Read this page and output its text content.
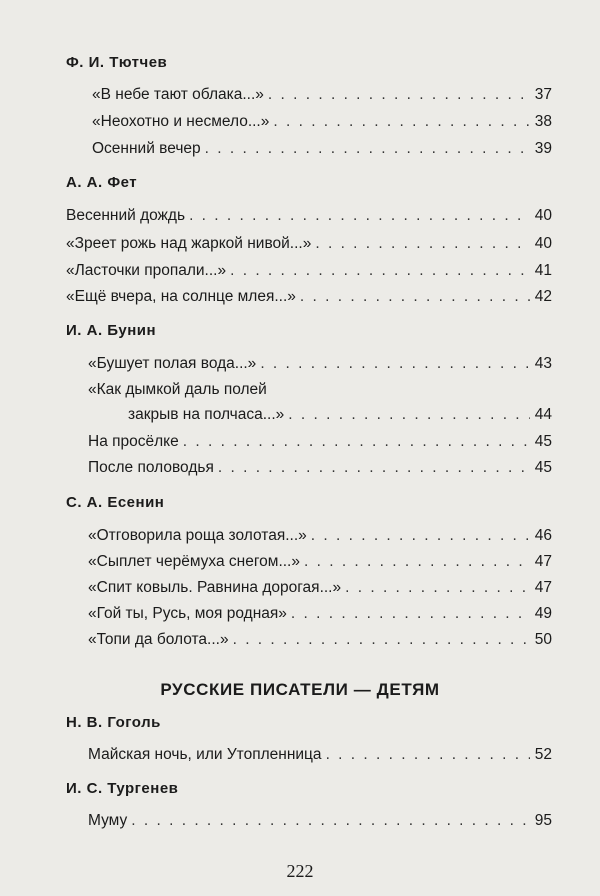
Ф. И. Тютчев
«В небе тают облака...» . . .	37
«Неохотно и несмело...» . . .	38
Осенний вечер . . .	39
А. А. Фет
Весенний дождь . . .	40
«Зреет рожь над жаркой нивой...» . . .	40
«Ласточки пропали...» . . .	41
«Ещё вчера, на солнце млея...» . . .	42
И. А. Бунин
«Бушует полая вода...» . . .	43
«Как дымкой даль полей
закрыв на полчаса...» . . .	44
На просёлке . . .	45
После половодья . . .	45
С. А. Есенин
«Отговорила роща золотая...» . . .	46
«Сыплет черёмуха снегом...» . . .	47
«Спит ковыль. Равнина дорогая...» . . .	47
«Гой ты, Русь, моя родная» . . .	49
«Топи да болота...» . . .	50
РУССКИЕ ПИСАТЕЛИ — ДЕТЯМ
Н. В. Гоголь
Майская ночь, или Утопленница . . .	52
И. С. Тургенев
Муму . . .	95
222
